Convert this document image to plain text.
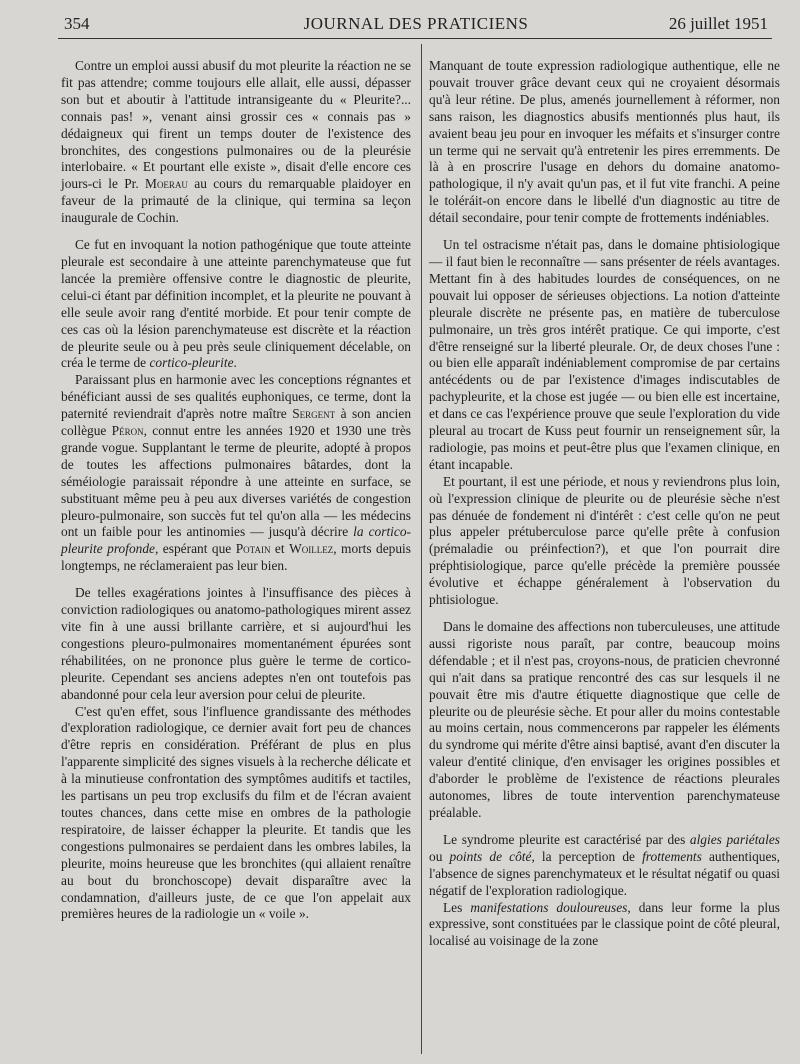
354	JOURNAL DES PRATICIENS	26 juillet 1951

Contre un emploi aussi abusif du mot pleurite la réaction ne se fit pas attendre; comme toujours elle allait, elle aussi, dépasser son but et aboutir à l'attitude intransigeante du « Pleurite?... connais pas! », venant ainsi grossir ces « connais pas » dédaigneux qui firent un temps douter de l'existence des bronchites, des congestions pulmonaires ou de la pleurésie interlobaire. « Et pourtant elle existe », disait d'elle encore ces jours-ci le Pr. Moerau au cours du remarquable plaidoyer en faveur de la primauté de la clinique, qui termina sa leçon inaugurale de Cochin.

Ce fut en invoquant la notion pathogénique que toute atteinte pleurale est secondaire à une atteinte parenchymateuse que fut lancée la première offensive contre le diagnostic de pleurite, celui-ci étant par définition incomplet, et la pleurite ne pouvant à elle seule avoir rang d'entité morbide. Et pour tenir compte de ces cas où la lésion parenchymateuse est discrète et la réaction de pleurite seule ou à peu près seule cliniquement décelable, on créa le terme de cortico-pleurite.

Paraissant plus en harmonie avec les conceptions régnantes et bénéficiant aussi de ses qualités euphoniques, ce terme, dont la paternité reviendrait d'après notre maître Sergent à son ancien collègue Péron, connut entre les années 1920 et 1930 une très grande vogue. Supplantant le terme de pleurite, adopté à propos de toutes les affections pulmonaires bâtardes, dont la séméiologie paraissait répondre à une atteinte en surface, se substituant même peu à peu aux diverses variétés de congestion pleuro-pulmonaire, son succès fut tel qu'on alla — les médecins ont un faible pour les antinomies — jusqu'à décrire la cortico-pleurite profonde, espérant que Potain et Woillez, morts depuis longtemps, ne réclameraient pas leur bien.

De telles exagérations jointes à l'insuffisance des pièces à conviction radiologiques ou anatomo-pathologiques mirent assez vite fin à une aussi brillante carrière, et si aujourd'hui les congestions pleuro-pulmonaires momentanément épurées sont réhabilitées, on ne prononce plus guère le terme de cortico-pleurite. Cependant ses anciens adeptes n'en ont toutefois pas abandonné pour cela leur aversion pour celui de pleurite.

C'est qu'en effet, sous l'influence grandissante des méthodes d'exploration radiologique, ce dernier avait fort peu de chances d'être repris en considération. Préférant de plus en plus l'apparente simplicité des signes visuels à la recherche délicate et à la minutieuse confrontation des symptômes auditifs et tactiles, les partisans un peu trop exclusifs du film et de l'écran avaient toutes chances, dans cette mise en ombres de la pathologie respiratoire, de laisser échapper la pleurite. Et tandis que les congestions pulmonaires se perdaient dans les ombres labiles, la pleurite, moins heureuse que les bronchites (qui allaient renaître au bout du bronchoscope) devait disparaître avec la condamnation, d'ailleurs juste, de ce que l'on appelait aux premières heures de la radiologie un « voile ».

Manquant de toute expression radiologique authentique, elle ne pouvait trouver grâce devant ceux qui ne croyaient désormais qu'à leur rétine. De plus, amenés journellement à réformer, non sans raison, les diagnostics abusifs mentionnés plus haut, ils avaient beau jeu pour en invoquer les méfaits et s'insurger contre un terme qui ne servait qu'à entretenir les pires erremments. De là à en proscrire l'usage en dehors du domaine anatomo-pathologique, il n'y avait qu'un pas, et il fut vite franchi. A peine le toléráit-on encore dans le libellé d'un diagnostic au titre de détail secondaire, pour tenir compte de frottements indéniables.

Un tel ostracisme n'était pas, dans le domaine phtisiologique — il faut bien le reconnaître — sans présenter de réels avantages. Mettant fin à des habitudes lourdes de conséquences, on ne pouvait lui opposer de sérieuses objections. La notion d'atteinte pleurale discrète ne présente pas, en matière de tuberculose pulmonaire, un très gros intérêt pratique. Ce qui importe, c'est d'être renseigné sur la liberté pleurale. Or, de deux choses l'une : ou bien elle apparaît indéniablement compromise de par certains antécédents ou de par l'existence d'images indiscutables de pachypleurite, et la chose est jugée — ou bien elle est incertaine, et dans ce cas l'expérience prouve que seule l'exploration du vide pleural au trocart de Kuss peut fournir un renseignement sûr, la radiologie, pas moins et peut-être plus que l'examen clinique, en étant incapable.

Et pourtant, il est une période, et nous y reviendrons plus loin, où l'expression clinique de pleurite ou de pleurésie sèche n'est pas dénuée de fondement ni d'intérêt : c'est celle qu'on ne peut plus appeler prétuberculose parce qu'elle prête à confusion (prémaladie ou préinfection?), et que l'on pourrait dire préphtisiologique, parce qu'elle précède la première poussée évolutive et échappe généralement à l'observation du phtisiologue.

Dans le domaine des affections non tuberculeuses, une attitude aussi rigoriste nous paraît, par contre, beaucoup moins défendable ; et il n'est pas, croyons-nous, de praticien chevronné qui n'ait dans sa pratique rencontré des cas sur lesquels il ne pouvait être mis d'autre étiquette diagnostique que celle de pleurite ou de pleurésie sèche. Et pour aller du moins contestable au moins certain, nous commencerons par rappeler les éléments du syndrome qui mérite d'être ainsi baptisé, avant d'en discuter la valeur d'entité clinique, d'en envisager les origines possibles et d'aborder le problème de l'existence de réactions pleurales autonomes, libres de toute intervention parenchymateuse préalable.

Le syndrome pleurite est caractérisé par des algies pariétales ou points de côté, la perception de frottements authentiques, l'absence de signes parenchymateux et le résultat négatif ou quasi négatif de l'exploration radiologique.

Les manifestations douloureuses, dans leur forme la plus expressive, sont constituées par le classique point de côté pleural, localisé au voisinage de la zone
